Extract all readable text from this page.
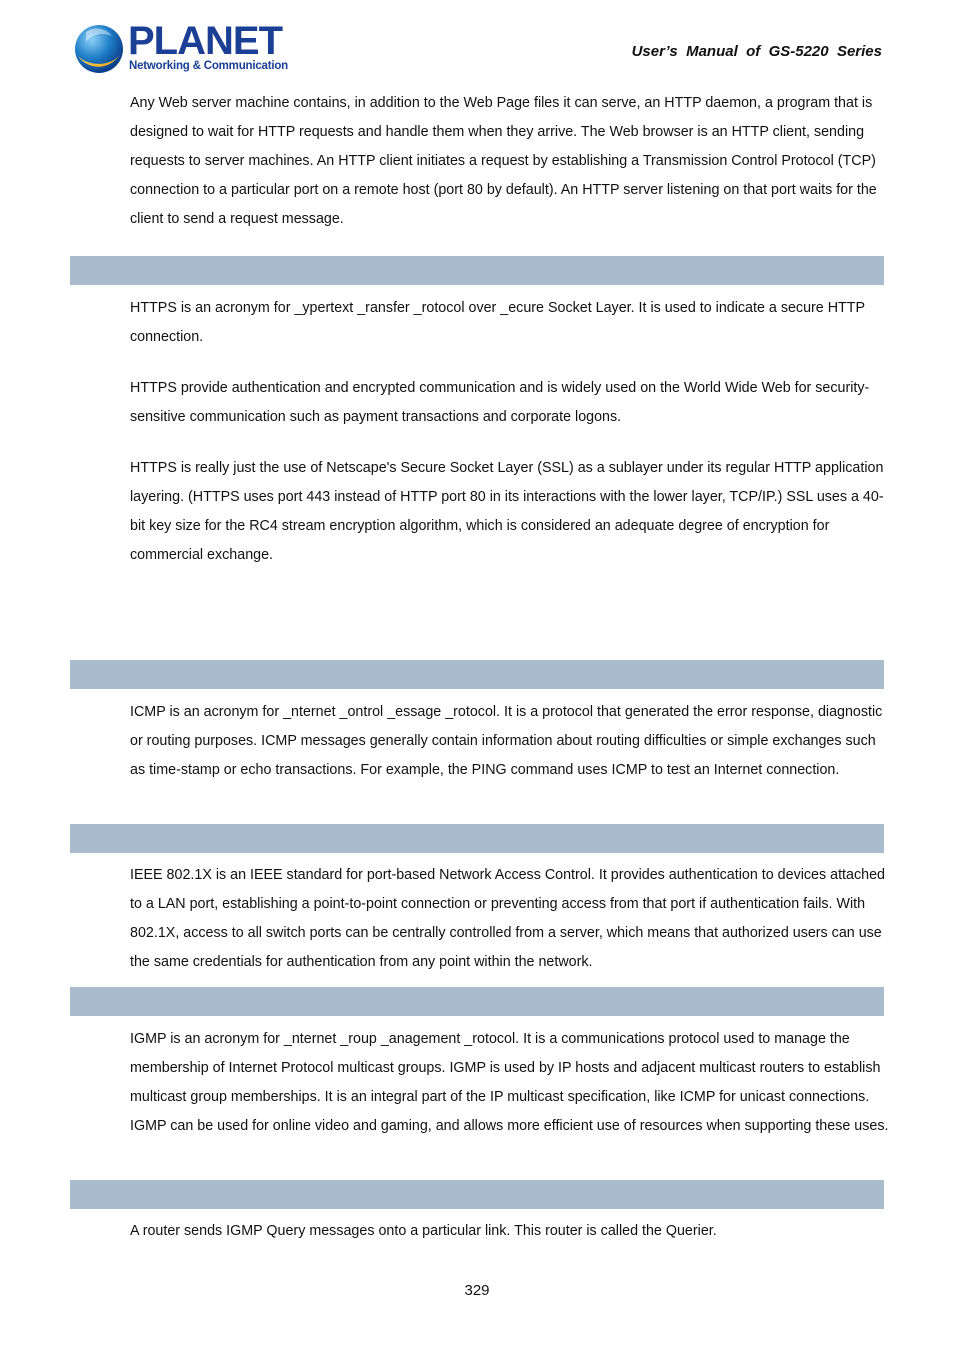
PLANET
Networking & Communication
User’s  Manual  of  GS-5220  Series

Any Web server machine contains, in addition to the Web Page files it can serve, an HTTP daemon, a program that is designed to wait for HTTP requests and handle them when they arrive. The Web browser is an HTTP client, sending requests to server machines. An HTTP client initiates a request by establishing a Transmission Control Protocol (TCP) connection to a particular port on a remote host (port 80 by default). An HTTP server listening on that port waits for the client to send a request message.

HTTPS is an acronym for _ypertext _ransfer _rotocol over _ecure Socket Layer. It is used to indicate a secure HTTP connection.

HTTPS provide authentication and encrypted communication and is widely used on the World Wide Web for security-sensitive communication such as payment transactions and corporate logons.

HTTPS is really just the use of Netscape's Secure Socket Layer (SSL) as a sublayer under its regular HTTP application layering. (HTTPS uses port 443 instead of HTTP port 80 in its interactions with the lower layer, TCP/IP.) SSL uses a 40-bit key size for the RC4 stream encryption algorithm, which is considered an adequate degree of encryption for commercial exchange.

ICMP is an acronym for _nternet _ontrol _essage _rotocol. It is a protocol that generated the error response, diagnostic or routing purposes. ICMP messages generally contain information about routing difficulties or simple exchanges such as time-stamp or echo transactions. For example, the PING command uses ICMP to test an Internet connection.

IEEE 802.1X is an IEEE standard for port-based Network Access Control. It provides authentication to devices attached to a LAN port, establishing a point-to-point connection or preventing access from that port if authentication fails. With 802.1X, access to all switch ports can be centrally controlled from a server, which means that authorized users can use the same credentials for authentication from any point within the network.

IGMP is an acronym for _nternet _roup _anagement _rotocol. It is a communications protocol used to manage the membership of Internet Protocol multicast groups. IGMP is used by IP hosts and adjacent multicast routers to establish multicast group memberships. It is an integral part of the IP multicast specification, like ICMP for unicast connections. IGMP can be used for online video and gaming, and allows more efficient use of resources when supporting these uses.

A router sends IGMP Query messages onto a particular link. This router is called the Querier.

329
